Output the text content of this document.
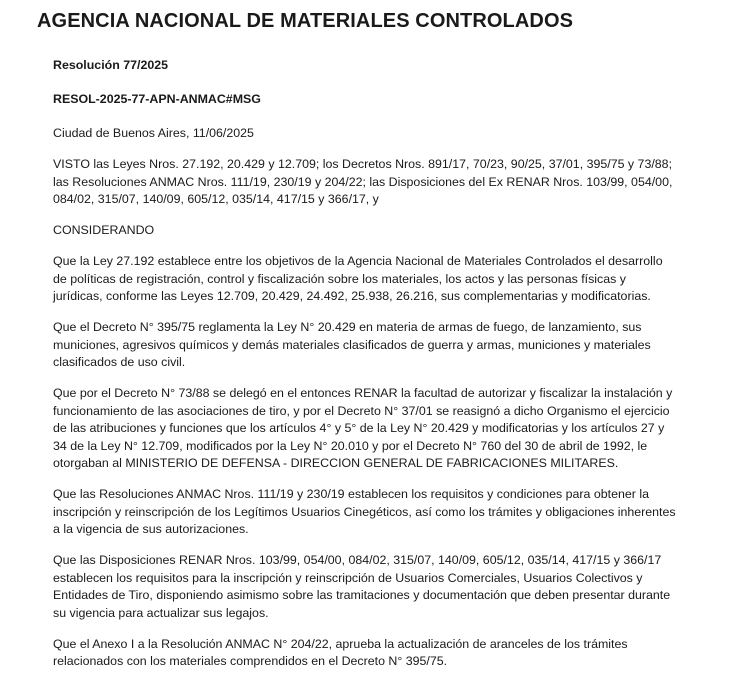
AGENCIA NACIONAL DE MATERIALES CONTROLADOS

Resolución 77/2025

RESOL-2025-77-APN-ANMAC#MSG

Ciudad de Buenos Aires, 11/06/2025

VISTO las Leyes Nros. 27.192, 20.429 y 12.709; los Decretos Nros. 891/17, 70/23, 90/25, 37/01, 395/75 y 73/88; las Resoluciones ANMAC Nros. 111/19, 230/19 y 204/22; las Disposiciones del Ex RENAR Nros. 103/99, 054/00, 084/02, 315/07, 140/09, 605/12, 035/14, 417/15 y 366/17, y

CONSIDERANDO

Que la Ley 27.192 establece entre los objetivos de la Agencia Nacional de Materiales Controlados el desarrollo de políticas de registración, control y fiscalización sobre los materiales, los actos y las personas físicas y jurídicas, conforme las Leyes 12.709, 20.429, 24.492, 25.938, 26.216, sus complementarias y modificatorias.

Que el Decreto N° 395/75 reglamenta la Ley N° 20.429 en materia de armas de fuego, de lanzamiento, sus municiones, agresivos químicos y demás materiales clasificados de guerra y armas, municiones y materiales clasificados de uso civil.

Que por el Decreto N° 73/88 se delegó en el entonces RENAR la facultad de autorizar y fiscalizar la instalación y funcionamiento de las asociaciones de tiro, y por el Decreto N° 37/01 se reasignó a dicho Organismo el ejercicio de las atribuciones y funciones que los artículos 4° y 5° de la Ley N° 20.429 y modificatorias y los artículos 27 y 34 de la Ley N° 12.709, modificados por la Ley N° 20.010 y por el Decreto N° 760 del 30 de abril de 1992, le otorgaban al MINISTERIO DE DEFENSA - DIRECCION GENERAL DE FABRICACIONES MILITARES.

Que las Resoluciones ANMAC Nros. 111/19 y 230/19 establecen los requisitos y condiciones para obtener la inscripción y reinscripción de los Legítimos Usuarios Cinegéticos, así como los trámites y obligaciones inherentes a la vigencia de sus autorizaciones.

Que las Disposiciones RENAR Nros. 103/99, 054/00, 084/02, 315/07, 140/09, 605/12, 035/14, 417/15 y 366/17 establecen los requisitos para la inscripción y reinscripción de Usuarios Comerciales, Usuarios Colectivos y Entidades de Tiro, disponiendo asimismo sobre las tramitaciones y documentación que deben presentar durante su vigencia para actualizar sus legajos.

Que el Anexo I a la Resolución ANMAC N° 204/22, aprueba la actualización de aranceles de los trámites relacionados con los materiales comprendidos en el Decreto N° 395/75.
